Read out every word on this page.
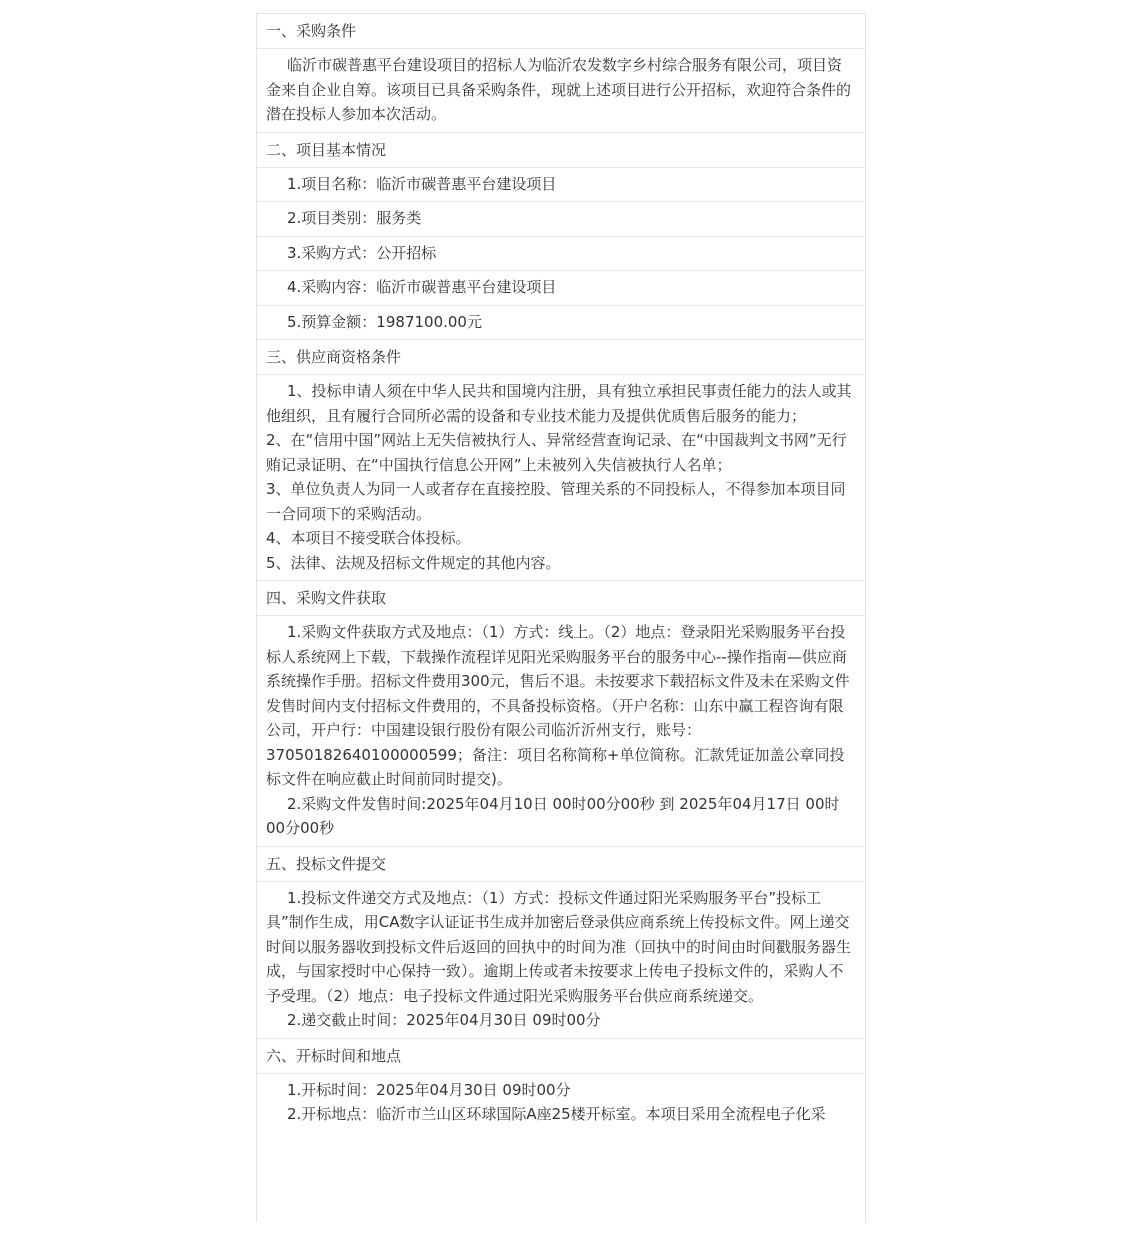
一、采购条件

临沂市碳普惠平台建设项目的招标人为临沂农发数字乡村综合服务有限公司，项目资金来自企业自筹。该项目已具备采购条件，现就上述项目进行公开招标，欢迎符合条件的潜在投标人参加本次活动。

二、项目基本情况
1.项目名称：临沂市碳普惠平台建设项目
2.项目类别：服务类
3.采购方式：公开招标
4.采购内容：临沂市碳普惠平台建设项目
5.预算金额：1987100.00元
三、供应商资格条件

1、投标申请人须在中华人民共和国境内注册，具有独立承担民事责任能力的法人或其他组织，且有履行合同所必需的设备和专业技术能力及提供优质售后服务的能力；

2、在“信用中国”网站上无失信被执行人、异常经营查询记录、在“中国裁判文书网”无行贿记录证明、在“中国执行信息公开网”上未被列入失信被执行人名单；

3、单位负责人为同一人或者存在直接控股、管理关系的不同投标人，不得参加本项目同一合同项下的采购活动。

4、本项目不接受联合体投标。

5、法律、法规及招标文件规定的其他内容。

四、采购文件获取

1.采购文件获取方式及地点：（1）方式：线上。（2）地点：登录阳光采购服务平台投标人系统网上下载，下载操作流程详见阳光采购服务平台的服务中心--操作指南—供应商系统操作手册。招标文件费用300元，售后不退。未按要求下载招标文件及未在采购文件发售时间内支付招标文件费用的，不具备投标资格。（开户名称：山东中赢工程咨询有限公司，开户行：中国建设银行股份有限公司临沂沂州支行，账号：37050182640100000599；备注：项目名称简称+单位简称。汇款凭证加盖公章同投标文件在响应截止时间前同时提交)。

2.采购文件发售时间:2025年04月10日 00时00分00秒 到 2025年04月17日 00时00分00秒

五、投标文件提交

1.投标文件递交方式及地点：（1）方式：投标文件通过阳光采购服务平台”投标工具”制作生成，用CA数字认证证书生成并加密后登录供应商系统上传投标文件。网上递交时间以服务器收到投标文件后返回的回执中的时间为准（回执中的时间由时间戳服务器生成，与国家授时中心保持一致）。逾期上传或者未按要求上传电子投标文件的，采购人不予受理。（2）地点：电子投标文件通过阳光采购服务平台供应商系统递交。

2.递交截止时间：2025年04月30日 09时00分

六、开标时间和地点

1.开标时间：2025年04月30日 09时00分

2.开标地点：临沂市兰山区环球国际A座25楼开标室。本项目采用全流程电子化采
